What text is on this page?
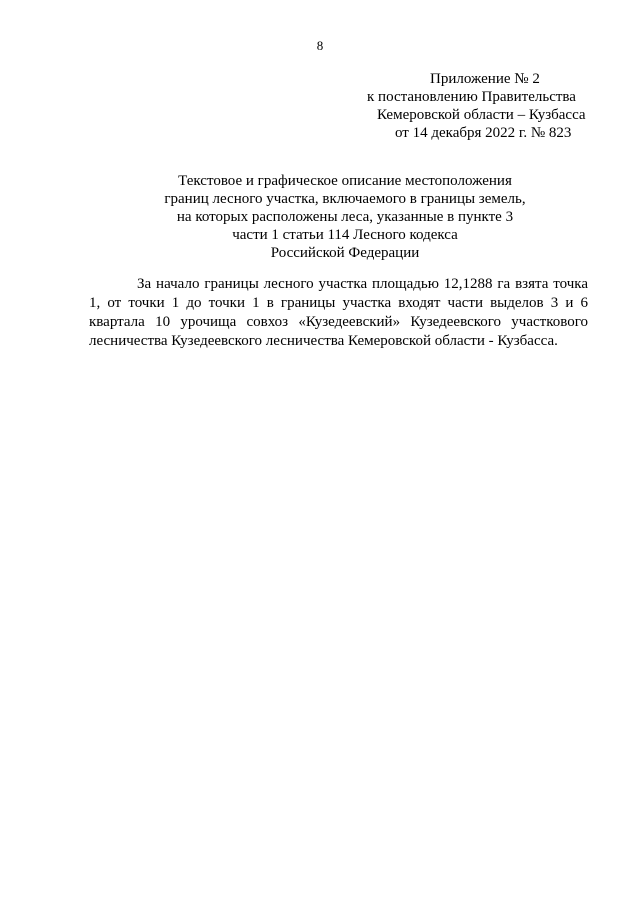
8
Приложение № 2
к постановлению Правительства
Кемеровской области – Кузбасса
от 14 декабря 2022 г. № 823
Текстовое и графическое описание местоположения
границ лесного участка, включаемого в границы земель,
на которых расположены леса, указанные в пункте 3
части 1 статьи 114 Лесного кодекса
Российской Федерации

За начало границы лесного участка площадью 12,1288 га взята точка 1, от точки 1 до точки 1 в границы участка входят части выделов 3 и 6 квартала 10 урочища совхоз «Кузедеевский» Кузедеевского участкового лесничества Кузедеевского лесничества Кемеровской области - Кузбасса.
